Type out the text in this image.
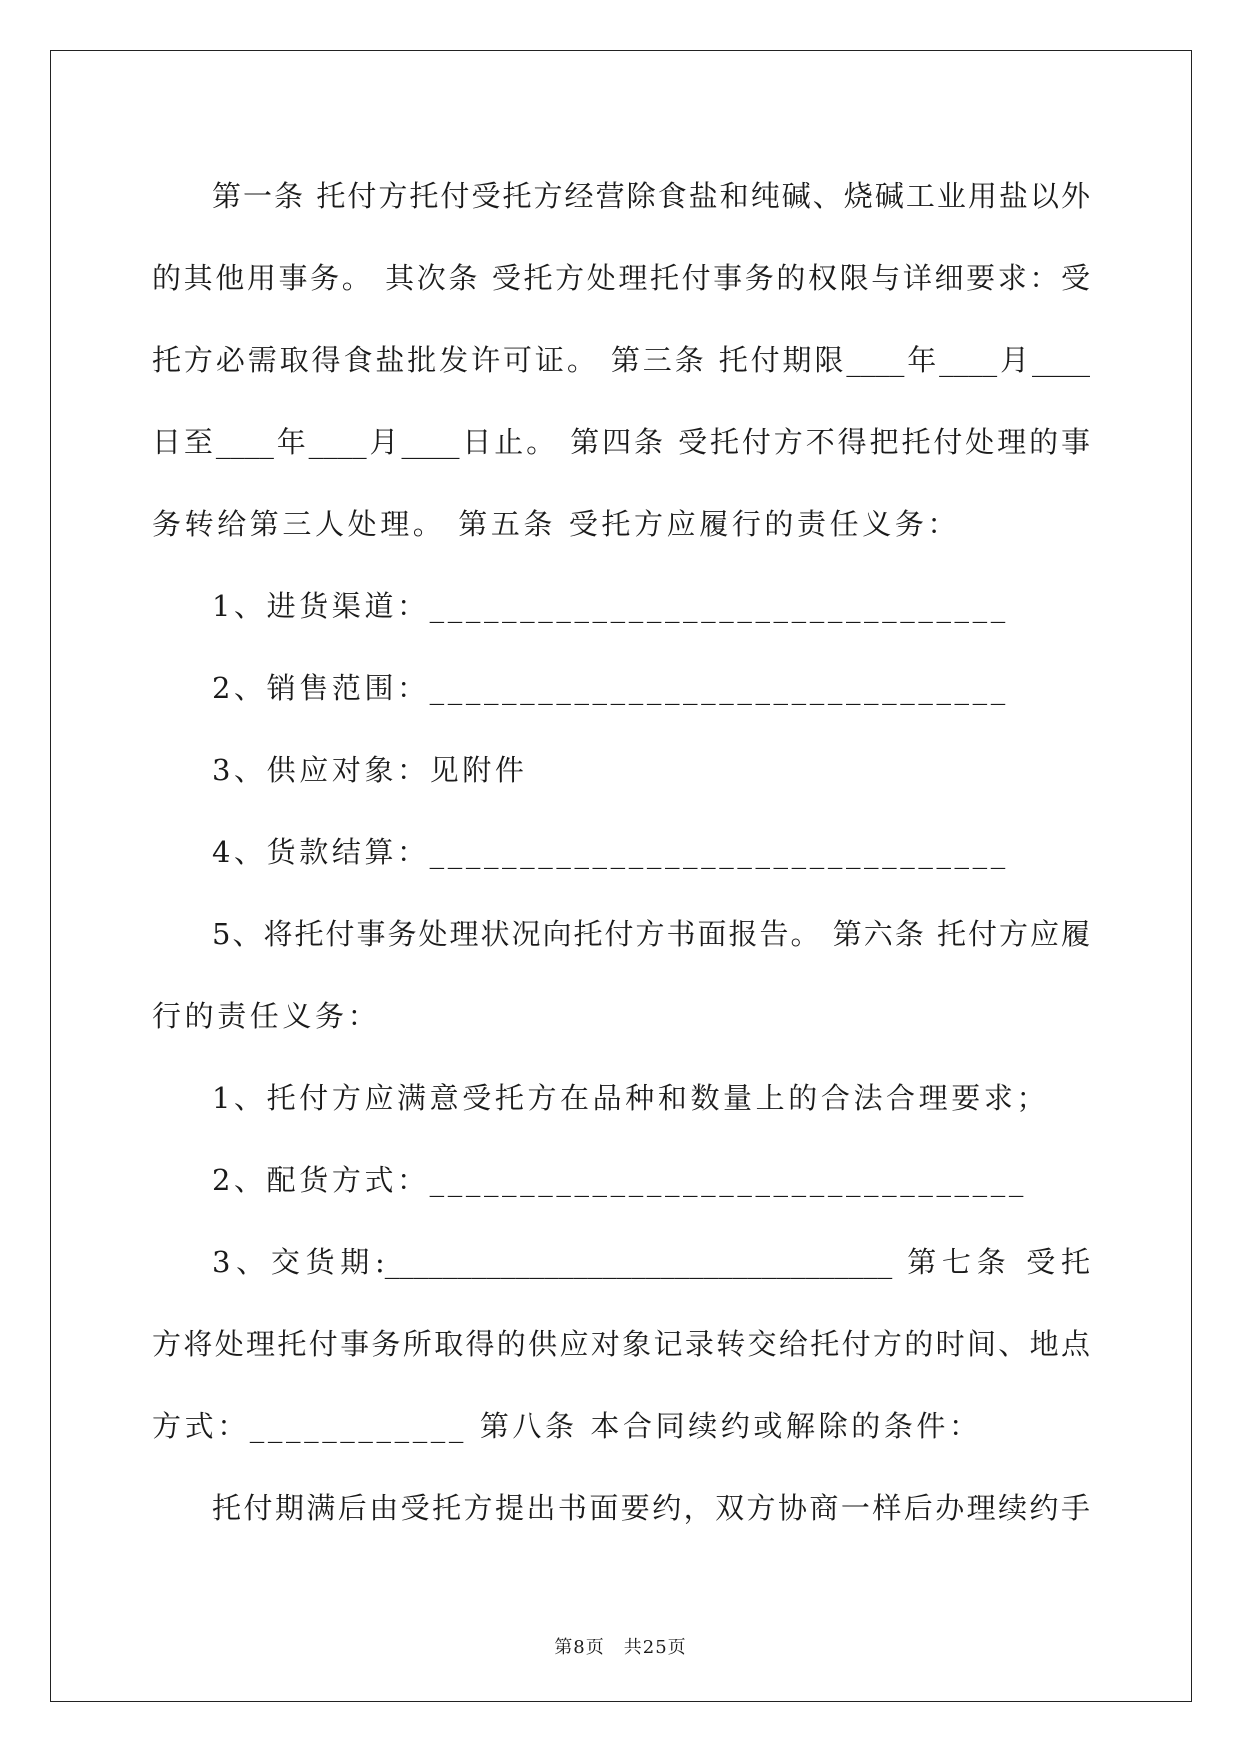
第一条 托付方托付受托方经营除食盐和纯碱、烧碱工业用盐以外
的其他用事务。 其次条 受托方处理托付事务的权限与详细要求：受
托方必需取得食盐批发许可证。 第三条 托付期限____年____月____
日至____年____月____日止。 第四条 受托付方不得把托付处理的事
务转给第三人处理。 第五条 受托方应履行的责任义务：
1、进货渠道：________________________________
2、销售范围：________________________________
3、供应对象：见附件
4、货款结算：________________________________
5、将托付事务处理状况向托付方书面报告。 第六条 托付方应履
行的责任义务：
1、托付方应满意受托方在品种和数量上的合法合理要求；
2、配货方式：_________________________________
3、交货期:___________________________________ 第七条 受托
方将处理托付事务所取得的供应对象记录转交给托付方的时间、地点
方式：____________ 第八条 本合同续约或解除的条件：
托付期满后由受托方提出书面要约，双方协商一样后办理续约手
第8页　共25页
